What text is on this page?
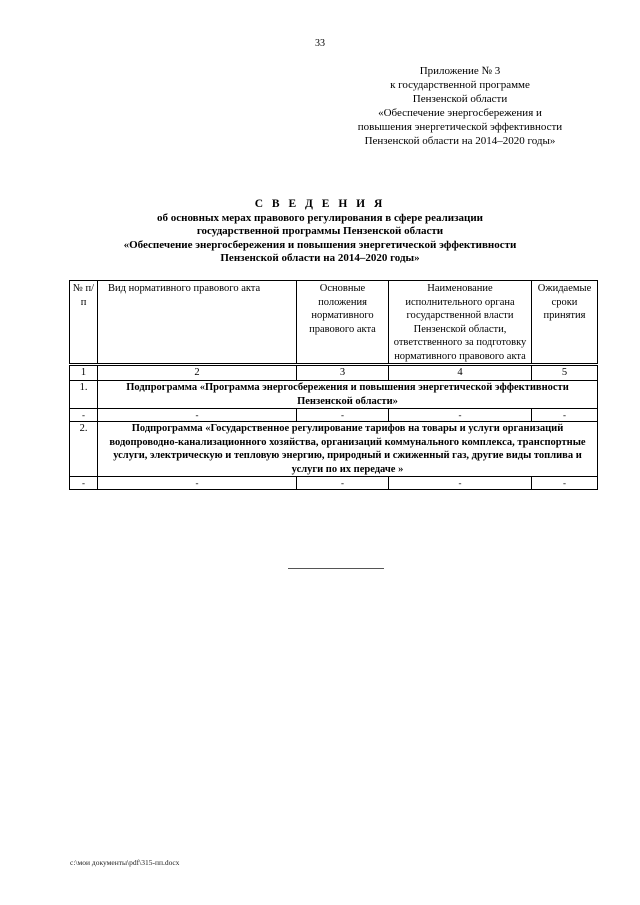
33
Приложение № 3
к государственной программе
Пензенской области
«Обеспечение энергосбережения и
повышения энергетической эффективности
Пензенской области на 2014–2020 годы»
С В Е Д Е Н И Я
об основных мерах правового регулирования в сфере реализации
государственной программы Пензенской области
«Обеспечение энергосбережения и повышения энергетической эффективности
Пензенской области на 2014–2020 годы»
№ п/п	Вид нормативного правового акта	Основные положения нормативного правового акта	Наименование исполнительного органа государственной власти Пензенской области, ответственного за подготовку нормативного правового акта	Ожидаемые сроки принятия
1	2	3	4	5
1.	Подпрограмма «Программа энергосбережения и повышения энергетической эффективности Пензенской области»			
-	-	-	-	-
2.	Подпрограмма «Государственное регулирование тарифов на товары и услуги организаций водопроводно-канализационного хозяйства, организаций коммунального комплекса, транспортные услуги, электрическую и тепловую энергию, природный и сжиженный газ, другие виды топлива и услуги по их передаче »			
-	-	-	-	-
c:\мои документы\pdf\315-пп.docx
